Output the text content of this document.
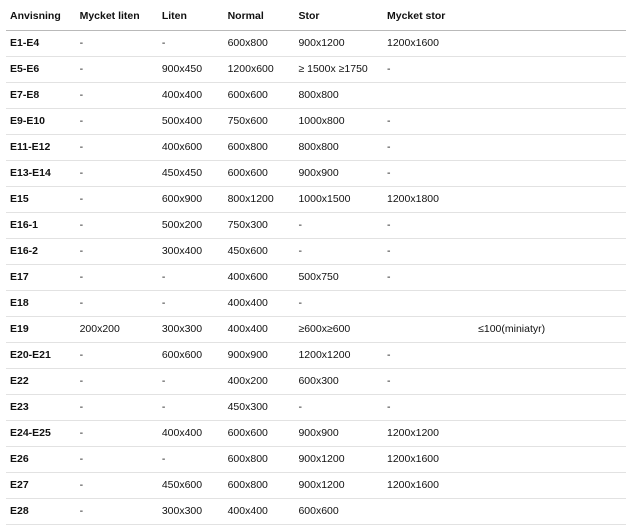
Anvisning	Mycket liten	Liten	Normal	Stor	Mycket stor	
E1-E4	-	-	600x800	900x1200	1200x1600	
E5-E6	-	900x450	1200x600	≥ 1500x ≥1750	-	
E7-E8	-	400x400	600x600	800x800		
E9-E10	-	500x400	750x600	1000x800	-	
E11-E12	-	400x600	600x800	800x800	-	
E13-E14	-	450x450	600x600	900x900	-	
E15	-	600x900	800x1200	1000x1500	1200x1800	
E16-1	-	500x200	750x300	-	-	
E16-2	-	300x400	450x600	-	-	
E17	-	-	400x600	500x750	-	
E18	-	-	400x400	-		
E19	200x200	300x300	400x400	≥600x≥600		≤100(miniatyr)
E20-E21	-	600x600	900x900	1200x1200	-	
E22	-	-	400x200	600x300	-	
E23	-	-	450x300	-	-	
E24-E25	-	400x400	600x600	900x900	1200x1200	
E26	-	-	600x800	900x1200	1200x1600	
E27	-	450x600	600x800	900x1200	1200x1600	
E28	-	300x300	400x400	600x600		
